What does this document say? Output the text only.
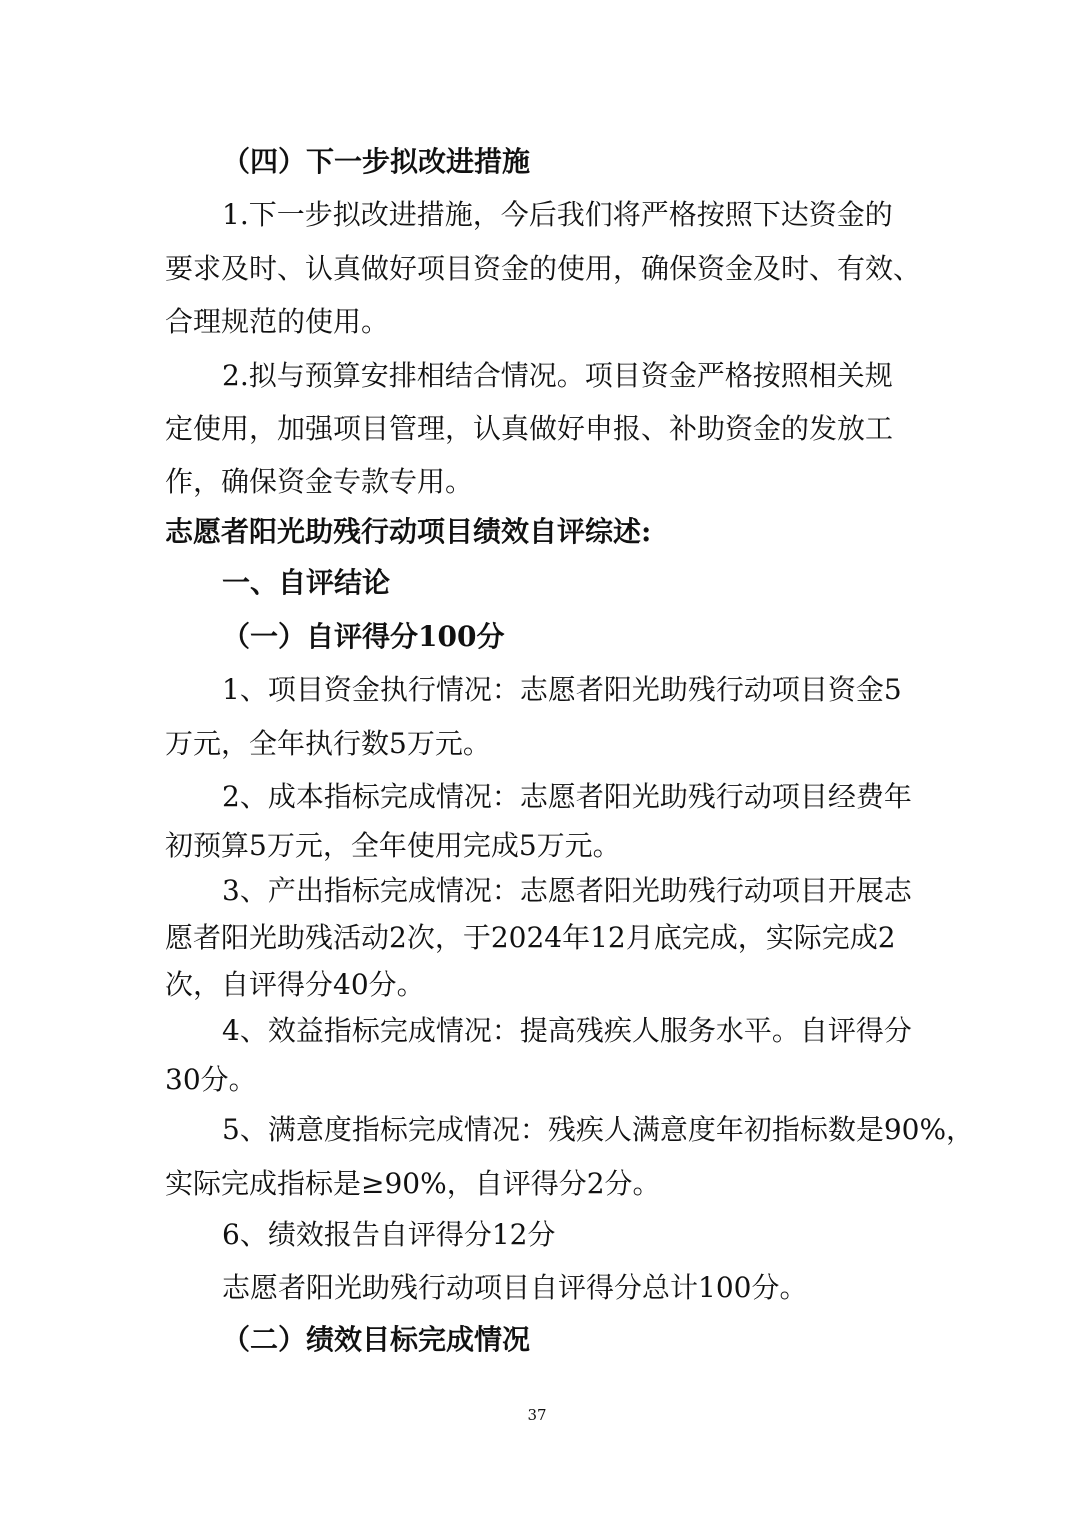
（四）下一步拟改进措施
1.下一步拟改进措施，今后我们将严格按照下达资金的
要求及时、认真做好项目资金的使用，确保资金及时、有效、
合理规范的使用。
2.拟与预算安排相结合情况。项目资金严格按照相关规
定使用，加强项目管理，认真做好申报、补助资金的发放工
作，确保资金专款专用。
志愿者阳光助残行动项目绩效自评综述:
一、自评结论
（一）自评得分100分
1、项目资金执行情况：志愿者阳光助残行动项目资金5
万元，全年执行数5万元。
2、成本指标完成情况：志愿者阳光助残行动项目经费年
初预算5万元，全年使用完成5万元。
3、产出指标完成情况：志愿者阳光助残行动项目开展志
愿者阳光助残活动2次，于2024年12月底完成，实际完成2
次，自评得分40分。
4、效益指标完成情况：提高残疾人服务水平。自评得分
30分。
5、满意度指标完成情况：残疾人满意度年初指标数是90%，
实际完成指标是≥90%，自评得分2分。
6、绩效报告自评得分12分
志愿者阳光助残行动项目自评得分总计100分。
（二）绩效目标完成情况
37
